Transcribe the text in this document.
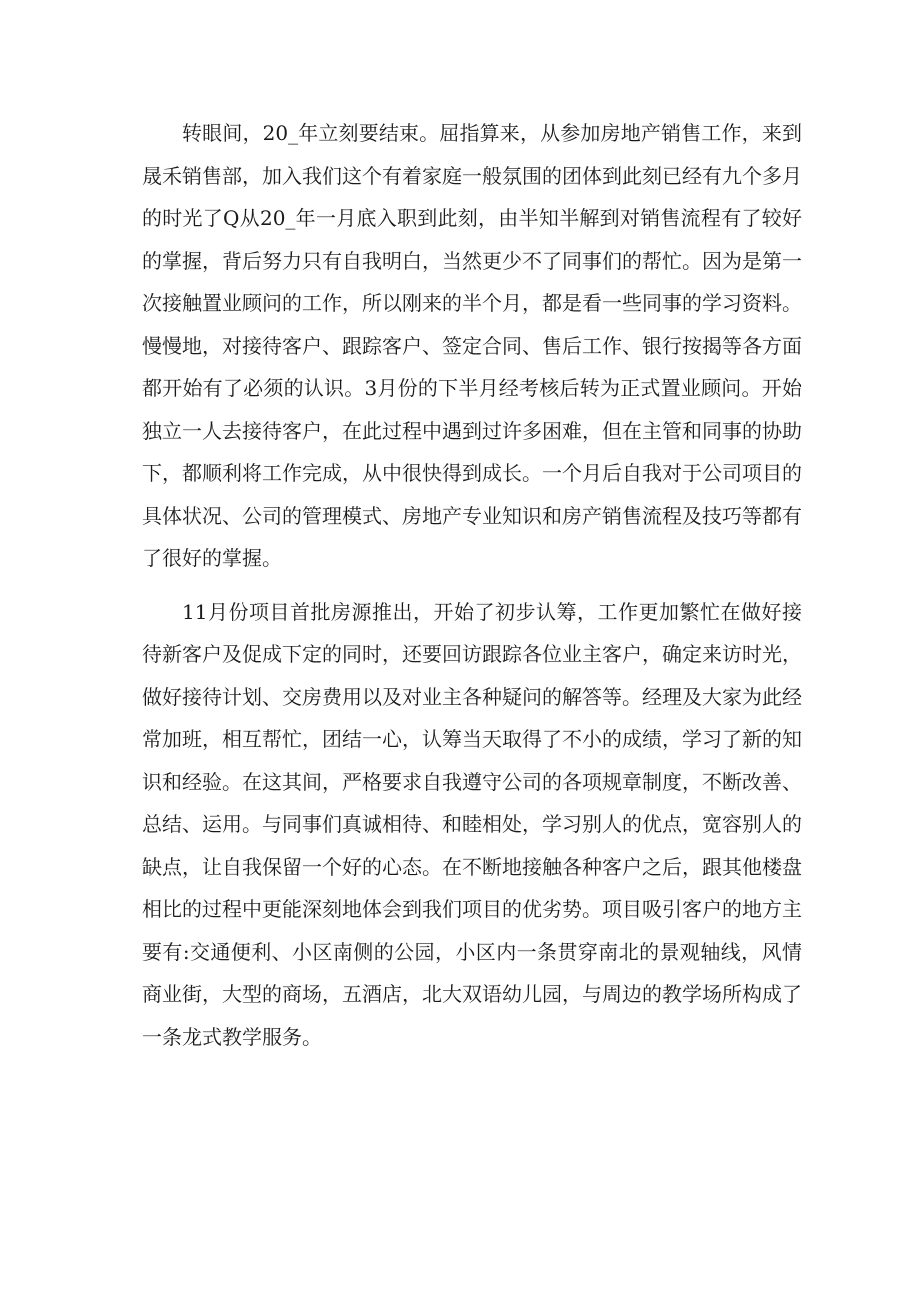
转眼间，20_年立刻要结束。屈指算来，从参加房地产销售工作，来到
晟禾销售部，加入我们这个有着家庭一般氛围的团体到此刻已经有九个多月
的时光了Q从20_年一月底入职到此刻，由半知半解到对销售流程有了较好
的掌握，背后努力只有自我明白，当然更少不了同事们的帮忙。因为是第一
次接触置业顾问的工作，所以刚来的半个月，都是看一些同事的学习资料。
慢慢地，对接待客户、跟踪客户、签定合同、售后工作、银行按揭等各方面
都开始有了必须的认识。3月份的下半月经考核后转为正式置业顾问。开始
独立一人去接待客户，在此过程中遇到过许多困难，但在主管和同事的协助
下，都顺利将工作完成，从中很快得到成长。一个月后自我对于公司项目的
具体状况、公司的管理模式、房地产专业知识和房产销售流程及技巧等都有
了很好的掌握。
11月份项目首批房源推出，开始了初步认筹，工作更加繁忙在做好接
待新客户及促成下定的同时，还要回访跟踪各位业主客户，确定来访时光，
做好接待计划、交房费用以及对业主各种疑问的解答等。经理及大家为此经
常加班，相互帮忙，团结一心，认筹当天取得了不小的成绩，学习了新的知
识和经验。在这其间，严格要求自我遵守公司的各项规章制度，不断改善、
总结、运用。与同事们真诚相待、和睦相处，学习别人的优点，宽容别人的
缺点，让自我保留一个好的心态。在不断地接触各种客户之后，跟其他楼盘
相比的过程中更能深刻地体会到我们项目的优劣势。项目吸引客户的地方主
要有:交通便利、小区南侧的公园，小区内一条贯穿南北的景观轴线，风情
商业街，大型的商场，五酒店，北大双语幼儿园，与周边的教学场所构成了
一条龙式教学服务。
